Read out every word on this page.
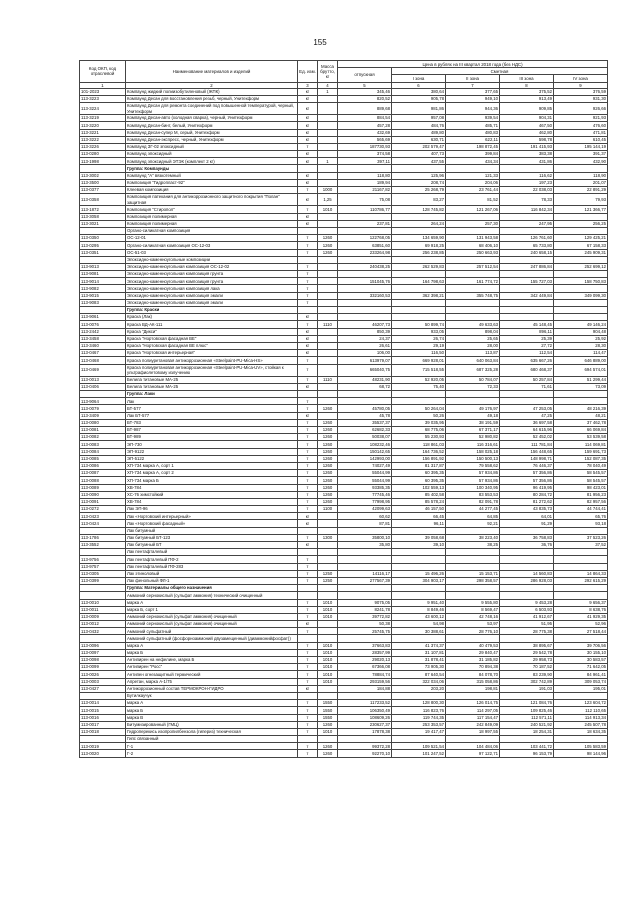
155
Код ОКП, код отраслевой	Наименование материалов и изделий	Ед. изм.	Масса брутто, кг	Цена в рублях на III квартал 2018 года (без НДС)				
				отпускная	Сметная			
					I зона	II зона	III зона	IV зона
1	2	3	4	5	6	7	8	9
101-2023	Компаунд жидкий полиизобутиленовый (ЖПК)	кг	1	345,46	380,64	377,65	375,52	376,59
113-3223	Компаунд Десан для восстановления резьб, черный, Унитехформ	кг		820,52	905,78	949,10	913,49	931,30
113-3224	Компаунд Десан для ремонта соединений под повышенной температурой, черный, Унитехформ	кг		889,68	981,86	944,36	909,85	926,66
113-3219	Компаунд Десан-авто (холодная сварка), черный, Унитехформ	кг		884,54	957,08	939,54	904,31	921,93
113-3220	Компаунд Десан-бинт, белый, Унитехформ	кг		457,28	484,76	485,71	467,50	476,60
113-3221	Компаунд Десан-супер М, серый, Унитехформ	кг		432,69	489,80	480,83	462,80	471,81
113-3222	Компаунд Десан-экспресс, черный, Унитехформ	кг		565,69	630,71	622,11	598,78	610,45
113-3226	Компаунд ЗГ-02 эпоксидный	т		187730,93	202 579,47	198 872,45	191 415,93	195 144,19
113-0280	Компаунд эпоксидный	кг		374,58	407,73	399,84	383,38	391,37
113-1998	Компаунд эпоксидный ЭТЭК (комплект 2 кг)	кг	1	397,11	437,55	434,34	431,86	432,90
	Группа: Компаунды							
113-3002	Компаунд "А" вязкотемный	кг		118,80	125,96	121,33	116,62	118,90
113-3500	Композиция "Гидропласт-92"	кг		189,94	208,74	204,06	197,23	201,07
113-0377	Клеевая композиция	т	1000	21167,82	25 268,79	23 761,44	22 038,03	22 891,29
113-0358	Композиция патекания для антикоррозионного защитного покрытия "Полан" защитная	кг	1,25	75,08	83,27	81,52	78,33	79,93
113-1872	Композиция "Стиропол"	т	1010	110786,77	128 745,82	121 267,06	116 842,34	121 366,77
113-3058	Композиция полимерная	кг						
113-3021	Композиция полимерная	кг		237,81	264,24	257,30	247,95	256,25
	Органо-силикатная композиция							
113-0350	ОС-12-01	т	1260	122768,05	134 659,90	131 943,58	126 761,60	129 425,21
113-0295	Органо-силикатная композиция ОС-12-03	т	1260	63851,60	69 918,25	68 406,10	65 733,80	67 158,33
113-0351	ОС-51-03	т	1260	233264,98	256 238,85	250 663,93	240 658,15	245 909,31
	Эпоксидно-каменноугольные композиции							
113-9013	Эпоксидно-каменноугольная композиция ОС-12-02	т		240438,25	262 529,83	257 512,54	247 886,84	252 699,12
113-9081	Эпоксидно-каменноугольная композиция грунта	т						
113-9014	Эпоксидно-каменноугольная композиция грунта	т		151045,76	164 798,63	161 774,72	155 727,03	158 750,83
113-9082	Эпоксидно-каменноугольная композиция лака	т						
113-9015	Эпоксидно-каменноугольная композиция эмали	т		332160,53	362 398,21	355 748,75	342 449,84	349 099,30
113-9083	Эпоксидно-каменноугольная композиция эмали	т						
	Группа: Краски							
113-9061	Краска (Лак)	кг						
113-0076	Краска ВД-АК-111	т	1110	46207,73	50 899,74	49 633,63	45 148,45	49 146,24
113-2442	Краска "Дикси"	кг		850,39	933,05	898,04	896,11	904,48
113-3458	Краска "Нортовская фасадная ВЕ"	кг		24,37	26,74	25,65	25,39	25,92
113-3460	Краска "Нортовская фасадная ВЕ плюс"	кг		26,61	29,19	28,00	27,72	28,30
113-0467	Краска "Нортовская интерьерная"	кг		106,00	116,50	113,87	112,54	114,47
113-0468	Краска полиуретановая антикоррозионная «Steelpaint-PU-Mica-HS»	т		613979,07	669 928,01	640 063,84	635 667,26	646 889,00
113-0469	Краска полиуретановая антикоррозионная «Steelpaint-PU-Mica-UV», стойкая к ультрафиолетовому излучению	т		665040,75	715 518,55	687 325,28	680 468,37	694 574,01
113-0013	Белила титановые МА-25	т	1110	48231,90	52 920,05	50 784,07	50 257,84	51 299,44
113-0406	Белила титановые МА-25	кг		68,72	75,40	72,33	71,61	73,09
	Группа: Лаки							
113-9064	Лак	т						
113-0079	БТ-577	т	1260	45780,05	50 264,04	49 176,97	47 253,05	48 216,39
113-3409	Лак БТ-577	кг		45,78	50,26	49,18	47,25	48,21
113-0080	БТ-783	т	1260	35537,37	39 035,95	38 191,59	36 697,58	37 462,78
113-0081	БТ-987	т	1260	62682,33	68 775,06	67 371,17	64 615,96	66 069,84
113-0082	БТ-989	т	1260	50038,07	55 230,93	52 980,82	52 452,02	53 539,58
113-0083	ЭП-730	т	1260	108232,46	118 861,03	116 316,61	111 781,84	114 069,81
113-0084	ЭП-9122	т	1260	150142,65	164 736,52	158 025,18	156 448,65	159 691,73
113-0085	ЭП-5122	т	1260	142993,00	156 891,92	150 500,13	148 998,71	152 087,35
113-0086	ХП-734 марка А, сорт 1	т	1260	74027,49	81 317,87	79 558,62	76 446,37	78 040,49
113-0087	ХП-734 марка А, сорт 2	т	1260	55044,99	60 395,35	57 934,86	57 356,86	58 545,57
113-0088	ХП-734 марка Б	т	1260	55044,99	60 395,35	57 934,86	57 356,86	58 545,57
113-0089	ХВ-784	т	1260	93385,35	102 559,13	100 340,95	96 419,95	98 423,01
113-0090	ХС-76 химстойкий	т	1260	77745,46	85 402,58	83 553,53	80 284,72	81 956,23
113-0091	ХВ-784	т	1260	77998,95	85 578,24	82 091,78	81 272,62	82 957,56
113-0272	Лак ЭП-96	т	1100	42099,63	46 157,50	44 277,45	43 835,73	44 744,41
113-0423	Лак «Нортовский интерьерный»	кг		60,62	66,45	64,85	64,01	65,76
113-0424	Лак «Нортовский фасадный»	кг		87,81	96,11	92,21	91,29	93,18
	Лак битумный							
113-1786	Лак битумный БТ-123	т	1300	35800,10	39 058,68	38 223,40	36 758,83	37 523,26
113-3552	Лак битумный БТ	кг		35,80	39,10	38,25	36,76	37,52
	Лак пентафталевый							
113-9756	Лак пентафталевый ПФ-2	т						
113-9757	Лак пентафталевый ПФ-283	т						
113-0305	Лак этиноловый	т	1250	14116,17	15 496,26	15 153,71	14 560,83	14 864,33
113-0399	Лак фенольный ФЛ-1	т	1250	277567,39	304 903,17	298 358,57	286 928,03	292 615,29
	Группа: Материалы общего назначения							
	Аммоний сернокислый (сульфат аммония) технический очищенный							
113-0010	марка А	т	1010	9075,05	9 951,40	9 555,80	9 453,28	9 656,37
113-0011	марка Б, сорт 1	т	1010	8241,78	8 849,46	8 569,47	6 503,93	8 638,76
113-0009	Аммоний сернокислый (сульфат аммония) очищенный	т	1010	39772,82	43 600,12	42 748,16	41 912,67	41 929,35
113-0012	Аммоний сернокислый (сульфат аммония) очищенный	кг		50,38	54,98	53,97	51,95	52,96
113-0432	Аммоний сульфатный	т		25745,75	30 388,61	28 776,10	28 775,38	27 518,44
	Аммоний сульфатный (фосфорноаммоний двузамещенный (диаммонийфосфат))							
113-0096	марка А	т	1010	37663,83	41 374,37	40 479,53	38 895,67	39 706,56
113-0097	марка Б	т	1010	28357,99	31 107,81	29 840,47	29 542,78	30 155,10
113-0098	Антипирен на нефелине, марка Б	т	1010	29020,13	31 878,41	31 185,82	29 958,73	30 583,57
113-0099	Антипирен "Росс"	т	1010	67366,08	73 905,30	70 894,38	70 187,52	71 642,05
113-0026	Антипен огнезащитный термический	т	1010	78884,74	87 640,54	84 078,70	83 239,90	84 961,41
113-0003	Апретан, марка А-1/75	т	1010	293159,56	322 034,06	315 058,86	302 742,89	309 053,74
113-0427	Антикоррозионный состав ТЕРМОКРОН-ГИДРО	кг		184,88	203,20	198,81	191,03	195,01
	Бутилкаучук							
113-0014	марка А	т	1550	117233,52	128 800,30	126 014,75	121 084,76	123 604,72
113-0015	марка Б	т	1550	106350,49	116 823,76	114 297,05	109 825,46	112 110,65
113-0016	марка В	т	1550	108609,26	119 744,35	117 154,47	112 571,11	114 913,34
113-0017	Битумизированный (ГМЦ)	т	1260	230627,37	253 353,57	242 849,09	240 521,92	245 507,78
113-0018	Гидроперекись изопропилбензола (гипериз) техническая	т	1010	17878,38	19 417,47	18 997,55	18 254,31	18 634,35
	Гипс связанный							
113-0019	Г-1	т	1260	99372,28	109 521,54	104 484,06	103 441,72	105 583,59
113-0020	Г-2	т	1260	92270,10	101 247,52	97 122,71	96 153,79	98 144,96
